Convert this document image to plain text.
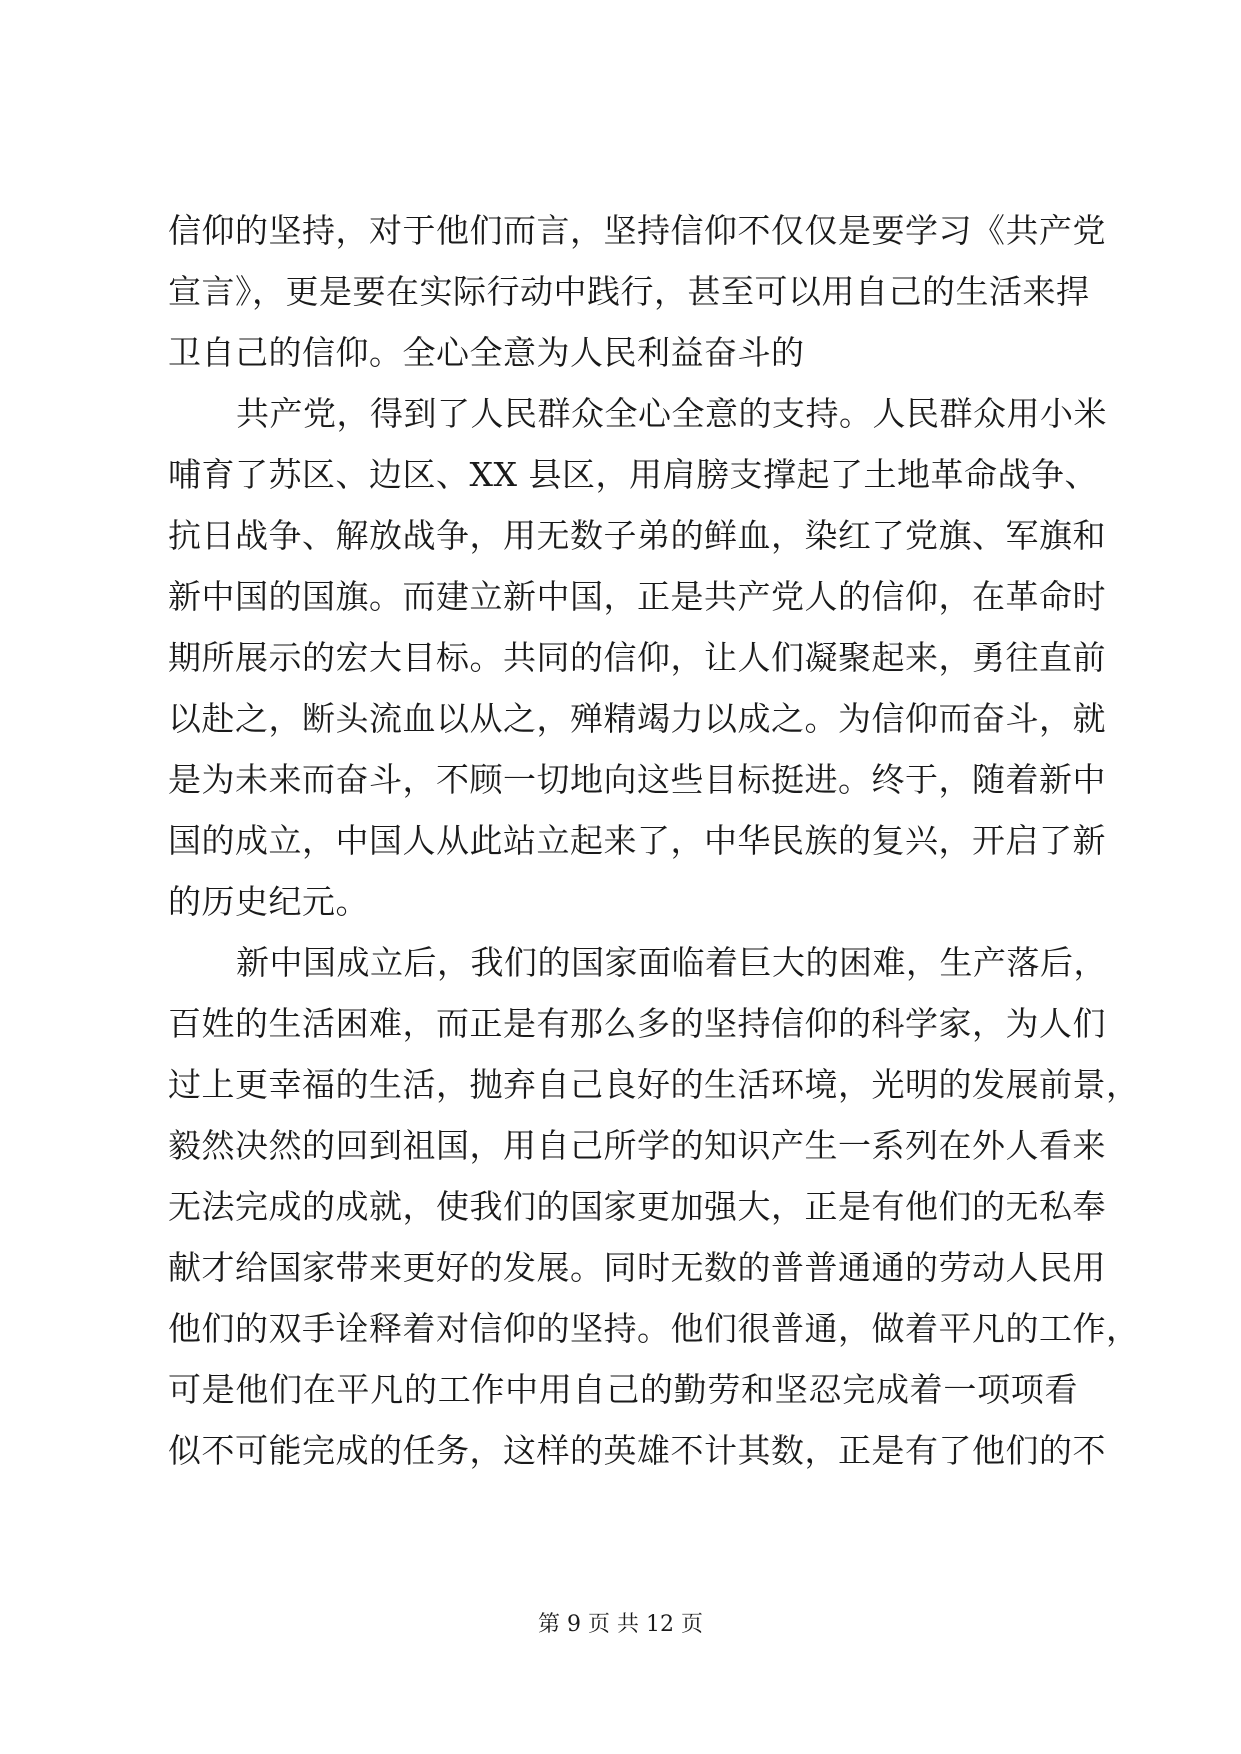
信仰的坚持，对于他们而言，坚持信仰不仅仅是要学习《共产党
宣言》，更是要在实际行动中践行，甚至可以用自己的生活来捍
卫自己的信仰。全心全意为人民利益奋斗的
共产党，得到了人民群众全心全意的支持。人民群众用小米
哺育了苏区、边区、XX 县区，用肩膀支撑起了土地革命战争、
抗日战争、解放战争，用无数子弟的鲜血，染红了党旗、军旗和
新中国的国旗。而建立新中国，正是共产党人的信仰，在革命时
期所展示的宏大目标。共同的信仰，让人们凝聚起来，勇往直前
以赴之，断头流血以从之，殚精竭力以成之。为信仰而奋斗，就
是为未来而奋斗，不顾一切地向这些目标挺进。终于，随着新中
国的成立，中国人从此站立起来了，中华民族的复兴，开启了新
的历史纪元。
新中国成立后，我们的国家面临着巨大的困难，生产落后，
百姓的生活困难，而正是有那么多的坚持信仰的科学家，为人们
过上更幸福的生活，抛弃自己良好的生活环境，光明的发展前景，
毅然决然的回到祖国，用自己所学的知识产生一系列在外人看来
无法完成的成就，使我们的国家更加强大，正是有他们的无私奉
献才给国家带来更好的发展。同时无数的普普通通的劳动人民用
他们的双手诠释着对信仰的坚持。他们很普通，做着平凡的工作，
可是他们在平凡的工作中用自己的勤劳和坚忍完成着一项项看
似不可能完成的任务，这样的英雄不计其数，正是有了他们的不
第 9 页 共 12 页
